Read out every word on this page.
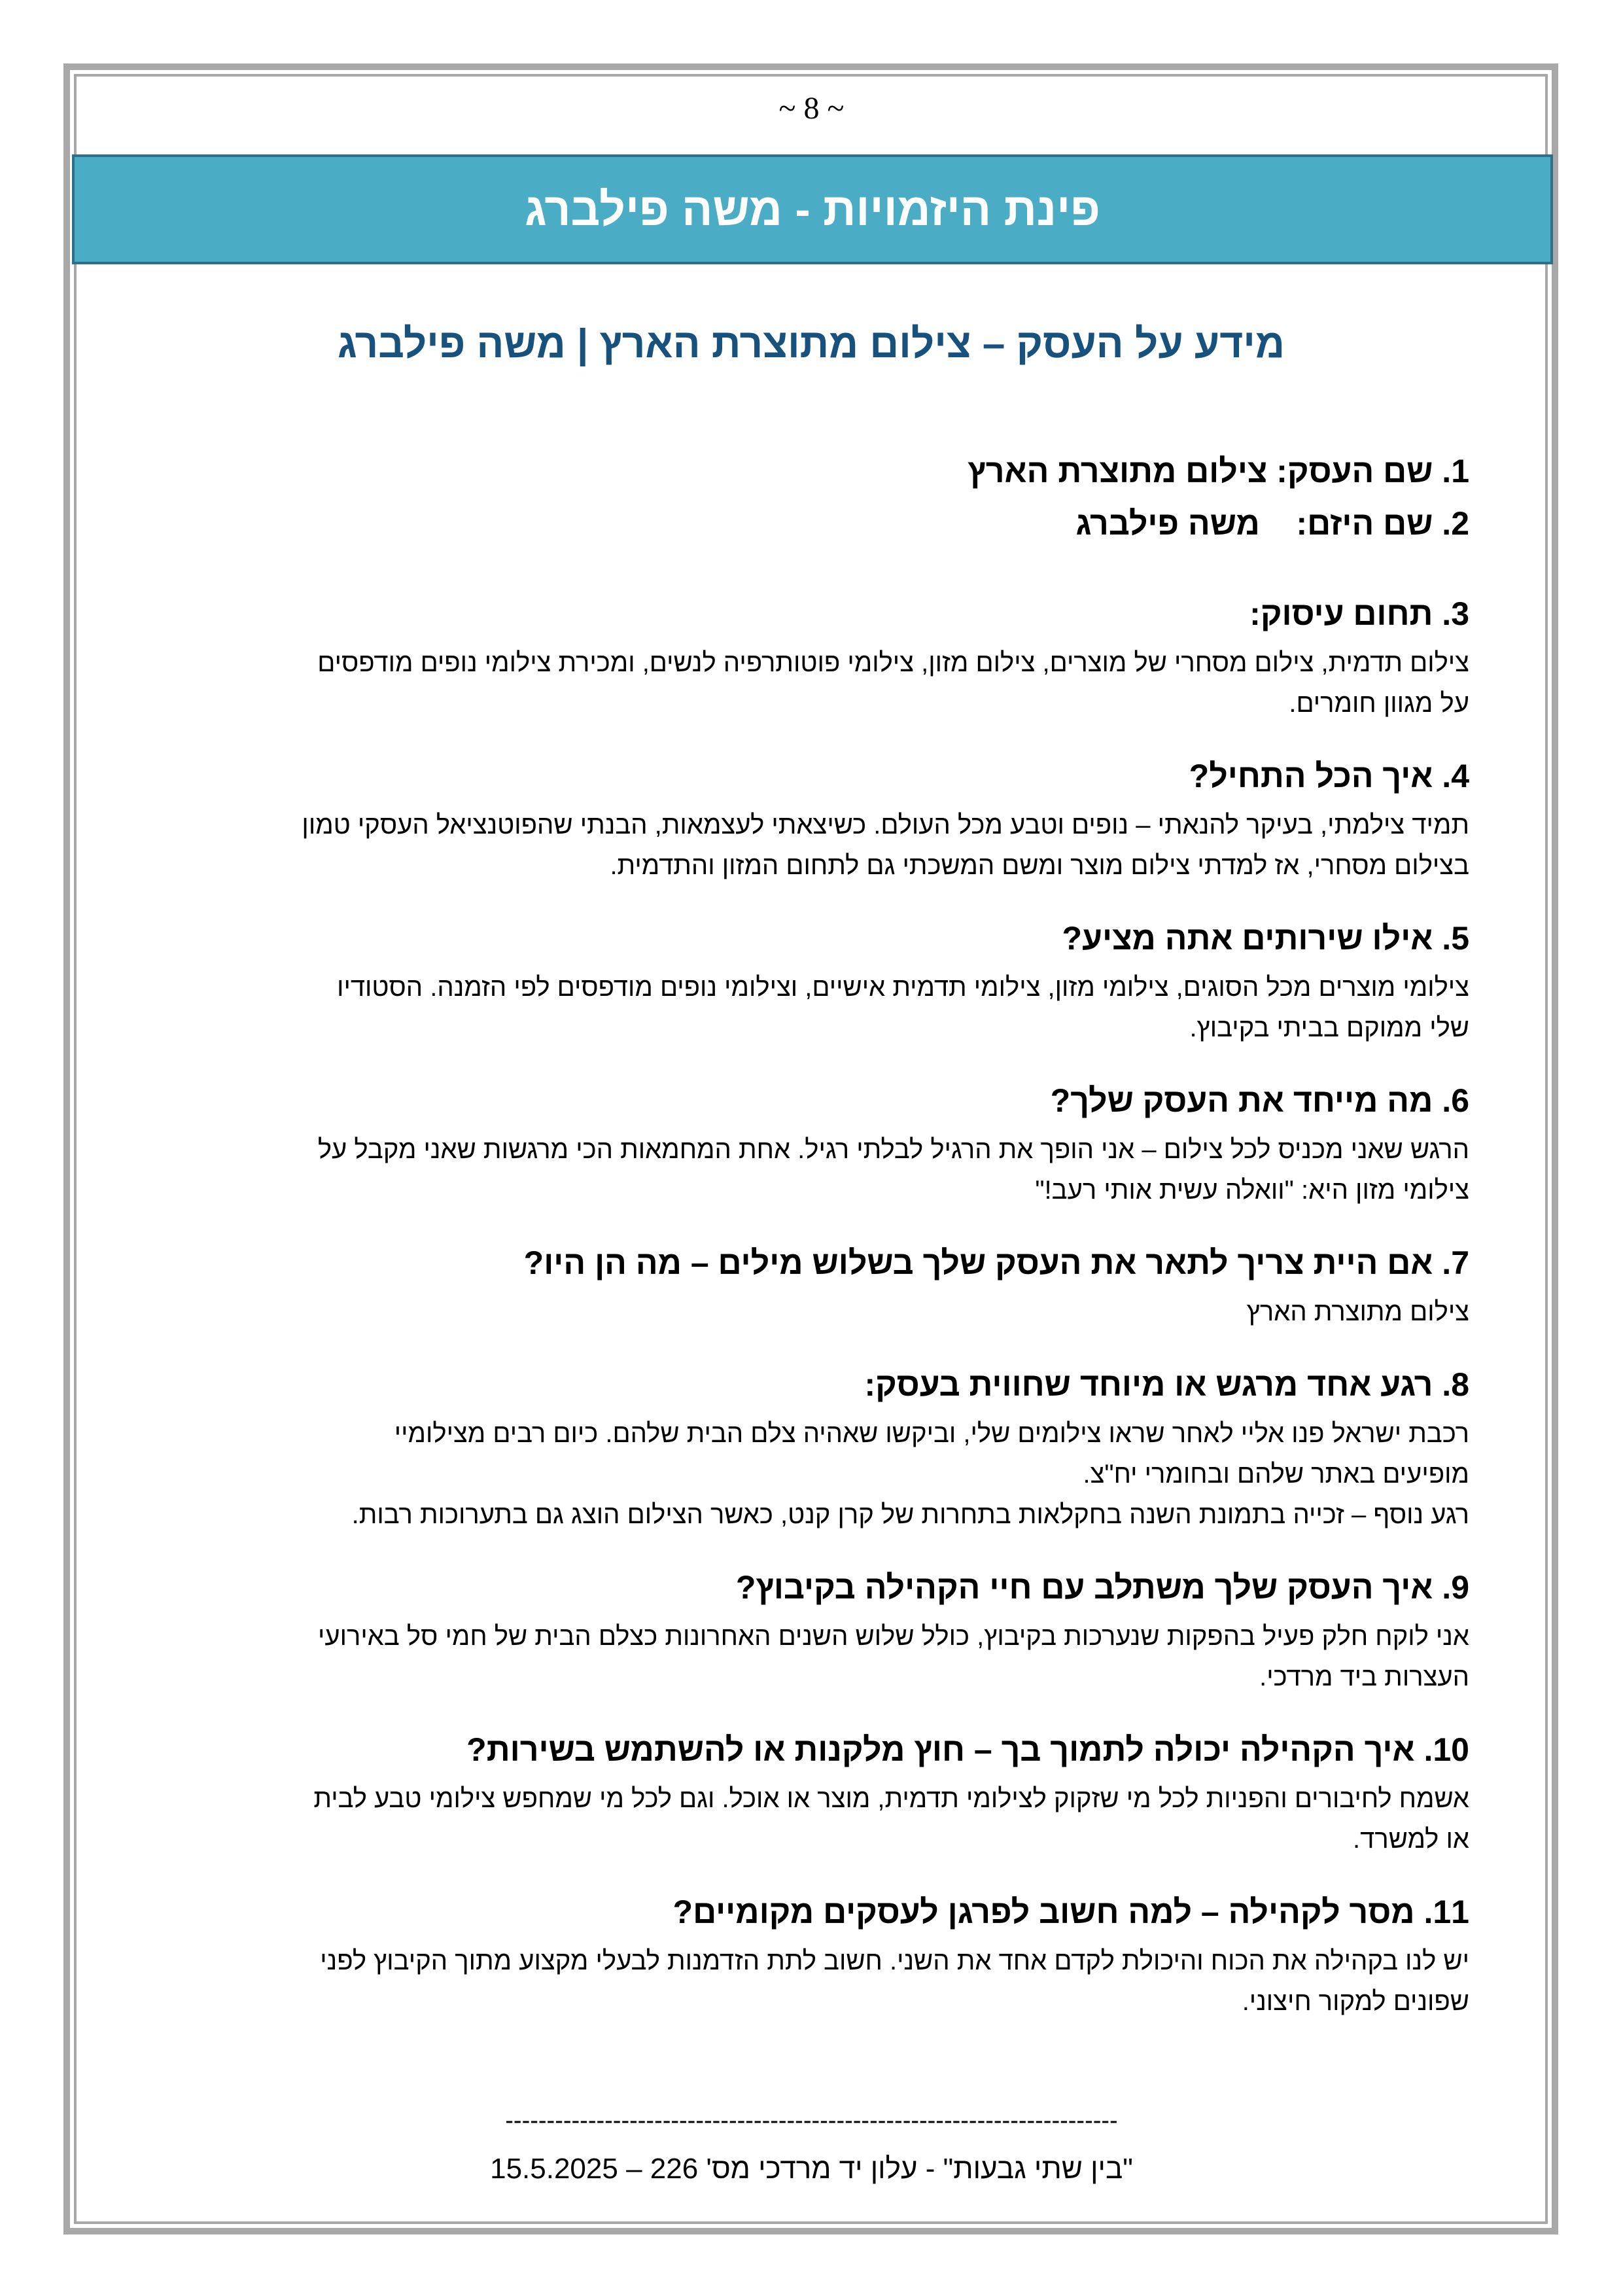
~ 8 ~
פינת היזמויות - משה פילברג
מידע על העסק – צילום מתוצרת הארץ | משה פילברג

1. שם העסק: צילום מתוצרת הארץ

2. שם היזם:    משה פילברג

3. תחום עיסוק:

צילום תדמית, צילום מסחרי של מוצרים, צילום מזון, צילומי פוטותרפיה לנשים, ומכירת צילומי נופים מודפסים

על מגוון חומרים.

4. איך הכל התחיל?

תמיד צילמתי, בעיקר להנאתי – נופים וטבע מכל העולם. כשיצאתי לעצמאות, הבנתי שהפוטנציאל העסקי טמון

בצילום מסחרי, אז למדתי צילום מוצר ומשם המשכתי גם לתחום המזון והתדמית.

5. אילו שירותים אתה מציע?

צילומי מוצרים מכל הסוגים, צילומי מזון, צילומי תדמית אישיים, וצילומי נופים מודפסים לפי הזמנה. הסטודיו

שלי ממוקם בביתי בקיבוץ.

6. מה מייחד את העסק שלך?

הרגש שאני מכניס לכל צילום – אני הופך את הרגיל לבלתי רגיל. אחת המחמאות הכי מרגשות שאני מקבל על

צילומי מזון היא: "וואלה עשית אותי רעב!"

7. אם היית צריך לתאר את העסק שלך בשלוש מילים – מה הן היו?

צילום מתוצרת הארץ

8. רגע אחד מרגש או מיוחד שחווית בעסק:

רכבת ישראל פנו אליי לאחר שראו צילומים שלי, וביקשו שאהיה צלם הבית שלהם. כיום רבים מצילומיי

מופיעים באתר שלהם ובחומרי יח"צ.

רגע נוסף – זכייה בתמונת השנה בחקלאות בתחרות של קרן קנט, כאשר הצילום הוצג גם בתערוכות רבות.

9. איך העסק שלך משתלב עם חיי הקהילה בקיבוץ?

אני לוקח חלק פעיל בהפקות שנערכות בקיבוץ, כולל שלוש השנים האחרונות כצלם הבית של חמי סל באירועי

העצרות ביד מרדכי.

10. איך הקהילה יכולה לתמוך בך – חוץ מלקנות או להשתמש בשירות?

אשמח לחיבורים והפניות לכל מי שזקוק לצילומי תדמית, מוצר או אוכל. וגם לכל מי שמחפש צילומי טבע לבית

או למשרד.

11. מסר לקהילה – למה חשוב לפרגן לעסקים מקומיים?

יש לנו בקהילה את הכוח והיכולת לקדם אחד את השני. חשוב לתת הזדמנות לבעלי מקצוע מתוך הקיבוץ לפני

שפונים למקור חיצוני.

--------------------------------------------------------------------------
"בין שתי גבעות" - עלון יד מרדכי מס' 226 – 15.5.2025
